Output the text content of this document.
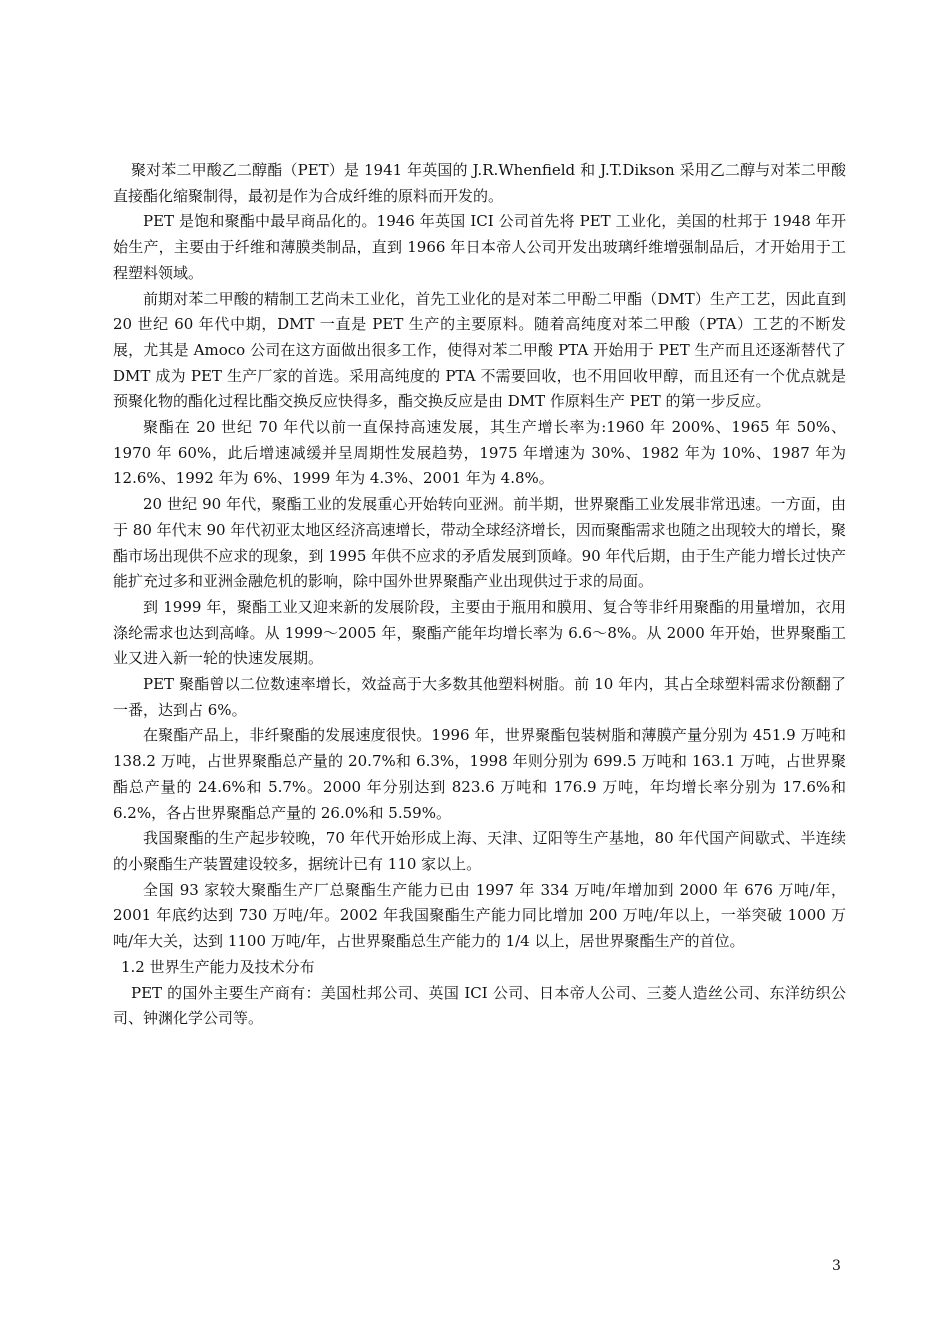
聚对苯二甲酸乙二醇酯（PET）是 1941 年英国的 J.R.Whenfield 和 J.T.Dikson 采用乙二醇与对苯二甲酸直接酯化缩聚制得，最初是作为合成纤维的原料而开发的。

PET 是饱和聚酯中最早商品化的。1946 年英国 ICI 公司首先将 PET 工业化，美国的杜邦于 1948 年开始生产，主要由于纤维和薄膜类制品，直到 1966 年日本帝人公司开发出玻璃纤维增强制品后，才开始用于工程塑料领域。

前期对苯二甲酸的精制工艺尚未工业化，首先工业化的是对苯二甲酚二甲酯（DMT）生产工艺，因此直到 20 世纪 60 年代中期，DMT 一直是 PET 生产的主要原料。随着高纯度对苯二甲酸（PTA）工艺的不断发展，尤其是 Amoco 公司在这方面做出很多工作，使得对苯二甲酸 PTA 开始用于 PET 生产而且还逐渐替代了 DMT 成为 PET 生产厂家的首选。采用高纯度的 PTA 不需要回收，也不用回收甲醇，而且还有一个优点就是预聚化物的酯化过程比酯交换反应快得多，酯交换反应是由 DMT 作原料生产 PET 的第一步反应。

聚酯在 20 世纪 70 年代以前一直保持高速发展，其生产增长率为:1960 年 200%、1965 年 50%、1970 年 60%，此后增速减缓并呈周期性发展趋势，1975 年增速为 30%、1982 年为 10%、1987 年为 12.6%、1992 年为 6%、1999 年为 4.3%、2001 年为 4.8%。

20 世纪 90 年代，聚酯工业的发展重心开始转向亚洲。前半期，世界聚酯工业发展非常迅速。一方面，由于 80 年代末 90 年代初亚太地区经济高速增长，带动全球经济增长，因而聚酯需求也随之出现较大的增长，聚酯市场出现供不应求的现象，到 1995 年供不应求的矛盾发展到顶峰。90 年代后期，由于生产能力增长过快产能扩充过多和亚洲金融危机的影响，除中国外世界聚酯产业出现供过于求的局面。

到 1999 年，聚酯工业又迎来新的发展阶段，主要由于瓶用和膜用、复合等非纤用聚酯的用量增加，衣用涤纶需求也达到高峰。从 1999～2005 年，聚酯产能年均增长率为 6.6～8%。从 2000 年开始，世界聚酯工业又进入新一轮的快速发展期。

PET 聚酯曾以二位数速率增长，效益高于大多数其他塑料树脂。前 10 年内，其占全球塑料需求份额翻了一番，达到占 6%。

在聚酯产品上，非纤聚酯的发展速度很快。1996 年，世界聚酯包装树脂和薄膜产量分别为 451.9 万吨和 138.2 万吨，占世界聚酯总产量的 20.7%和 6.3%，1998 年则分别为 699.5 万吨和 163.1 万吨，占世界聚酯总产量的 24.6%和 5.7%。2000 年分别达到 823.6 万吨和 176.9 万吨，年均增长率分别为 17.6%和 6.2%，各占世界聚酯总产量的 26.0%和 5.59%。

我国聚酯的生产起步较晚，70 年代开始形成上海、天津、辽阳等生产基地，80 年代国产间歇式、半连续的小聚酯生产装置建设较多，据统计已有 110 家以上。

全国 93 家较大聚酯生产厂总聚酯生产能力已由 1997 年 334 万吨/年增加到 2000 年 676 万吨/年，2001 年底约达到 730 万吨/年。2002 年我国聚酯生产能力同比增加 200 万吨/年以上，一举突破 1000 万吨/年大关，达到 1100 万吨/年，占世界聚酯总生产能力的 1/4 以上，居世界聚酯生产的首位。

1.2 世界生产能力及技术分布

PET 的国外主要生产商有：美国杜邦公司、英国 ICI 公司、日本帝人公司、三菱人造丝公司、东洋纺织公司、钟渊化学公司等。

3
